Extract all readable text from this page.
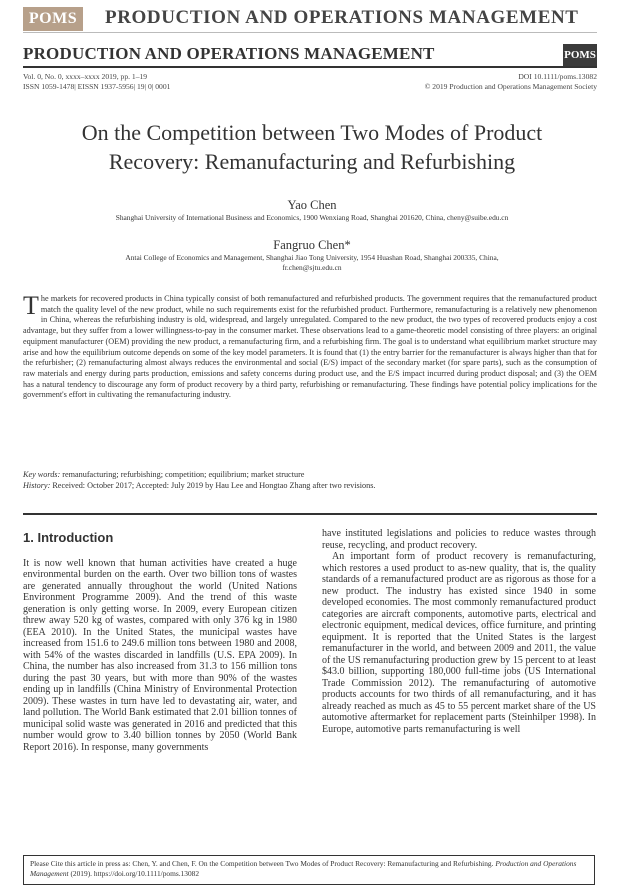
POMS	PRODUCTION AND OPERATIONS MANAGEMENT
PRODUCTION AND OPERATIONS MANAGEMENT	POMS
Vol. 0, No. 0, xxxx–xxxx 2019, pp. 1–19
ISSN 1059-1478| EISSN 1937-5956| 19| 0| 0001
DOI 10.1111/poms.13082
© 2019 Production and Operations Management Society
On the Competition between Two Modes of Product
Recovery: Remanufacturing and Refurbishing
Yao Chen
Shanghai University of International Business and Economics, 1900 Wenxiang Road, Shanghai 201620, China, cheny@suibe.edu.cn
Fangruo Chen*
Antai College of Economics and Management, Shanghai Jiao Tong University, 1954 Huashan Road, Shanghai 200335, China,
fr.chen@sjtu.edu.cn
The markets for recovered products in China typically consist of both remanufactured and refurbished products. The government requires that the remanufactured product match the quality level of the new product, while no such requirements exist for the refurbished product. Furthermore, remanufacturing is a relatively new phenomenon in China, whereas the refurbishing industry is old, widespread, and largely unregulated. Compared to the new product, the two types of recovered products enjoy a cost advantage, but they suffer from a lower willingness-to-pay in the consumer market. These observations lead to a game-theoretic model consisting of three players: an original equipment manufacturer (OEM) providing the new product, a remanufacturing firm, and a refurbishing firm. The goal is to understand what equilibrium market structure may arise and how the equilibrium outcome depends on some of the key model parameters. It is found that (1) the entry barrier for the remanufacturer is always higher than that for the refurbisher; (2) remanufacturing almost always reduces the environmental and social (E/S) impact of the secondary market (for spare parts), such as the consumption of raw materials and energy during parts production, emissions and safety concerns during product use, and the E/S impact incurred during product disposal; and (3) the OEM has a natural tendency to discourage any form of product recovery by a third party, refurbishing or remanufacturing. These findings have potential policy implications for the government's effort in cultivating the remanufacturing industry.
Key words: remanufacturing; refurbishing; competition; equilibrium; market structure
History: Received: October 2017; Accepted: July 2019 by Hau Lee and Hongtao Zhang after two revisions.
1. Introduction

It is now well known that human activities have created a huge environmental burden on the earth. Over two billion tons of wastes are generated annually throughout the world (United Nations Environment Programme 2009). And the trend of this waste generation is only getting worse. In 2009, every European citizen threw away 520 kg of wastes, compared with only 376 kg in 1980 (EEA 2010). In the United States, the municipal wastes have increased from 151.6 to 249.6 million tons between 1980 and 2008, with 54% of the wastes discarded in landfills (U.S. EPA 2009). In China, the number has also increased from 31.3 to 156 million tons during the past 30 years, but with more than 90% of the wastes ending up in landfills (China Ministry of Environmental Protection 2009). These wastes in turn have led to devastating air, water, and land pollution. The World Bank estimated that 2.01 billion tonnes of municipal solid waste was generated in 2016 and predicted that this number would grow to 3.40 billion tonnes by 2050 (World Bank Report 2016). In response, many governments

have instituted legislations and policies to reduce wastes through reuse, recycling, and product recovery.

An important form of product recovery is remanufacturing, which restores a used product to as-new quality, that is, the quality standards of a remanufactured product are as rigorous as those for a new product. The industry has existed since 1940 in some developed economies. The most commonly remanufactured product categories are aircraft components, automotive parts, electrical and electronic equipment, medical devices, office furniture, and printing equipment. It is reported that the United States is the largest remanufacturer in the world, and between 2009 and 2011, the value of the US remanufacturing production grew by 15 percent to at least $43.0 billion, supporting 180,000 full-time jobs (US International Trade Commission 2012). The remanufacturing of automotive products accounts for two thirds of all remanufacturing, and it has already reached as much as 45 to 55 percent market share of the US automotive aftermarket for replacement parts (Steinhilper 1998). In Europe, automotive parts remanufacturing is well

Please Cite this article in press as: Chen, Y. and Chen, F. On the Competition between Two Modes of Product Recovery: Remanufacturing and Refurbishing. Production and Operations Management (2019). https://doi.org/10.1111/poms.13082
